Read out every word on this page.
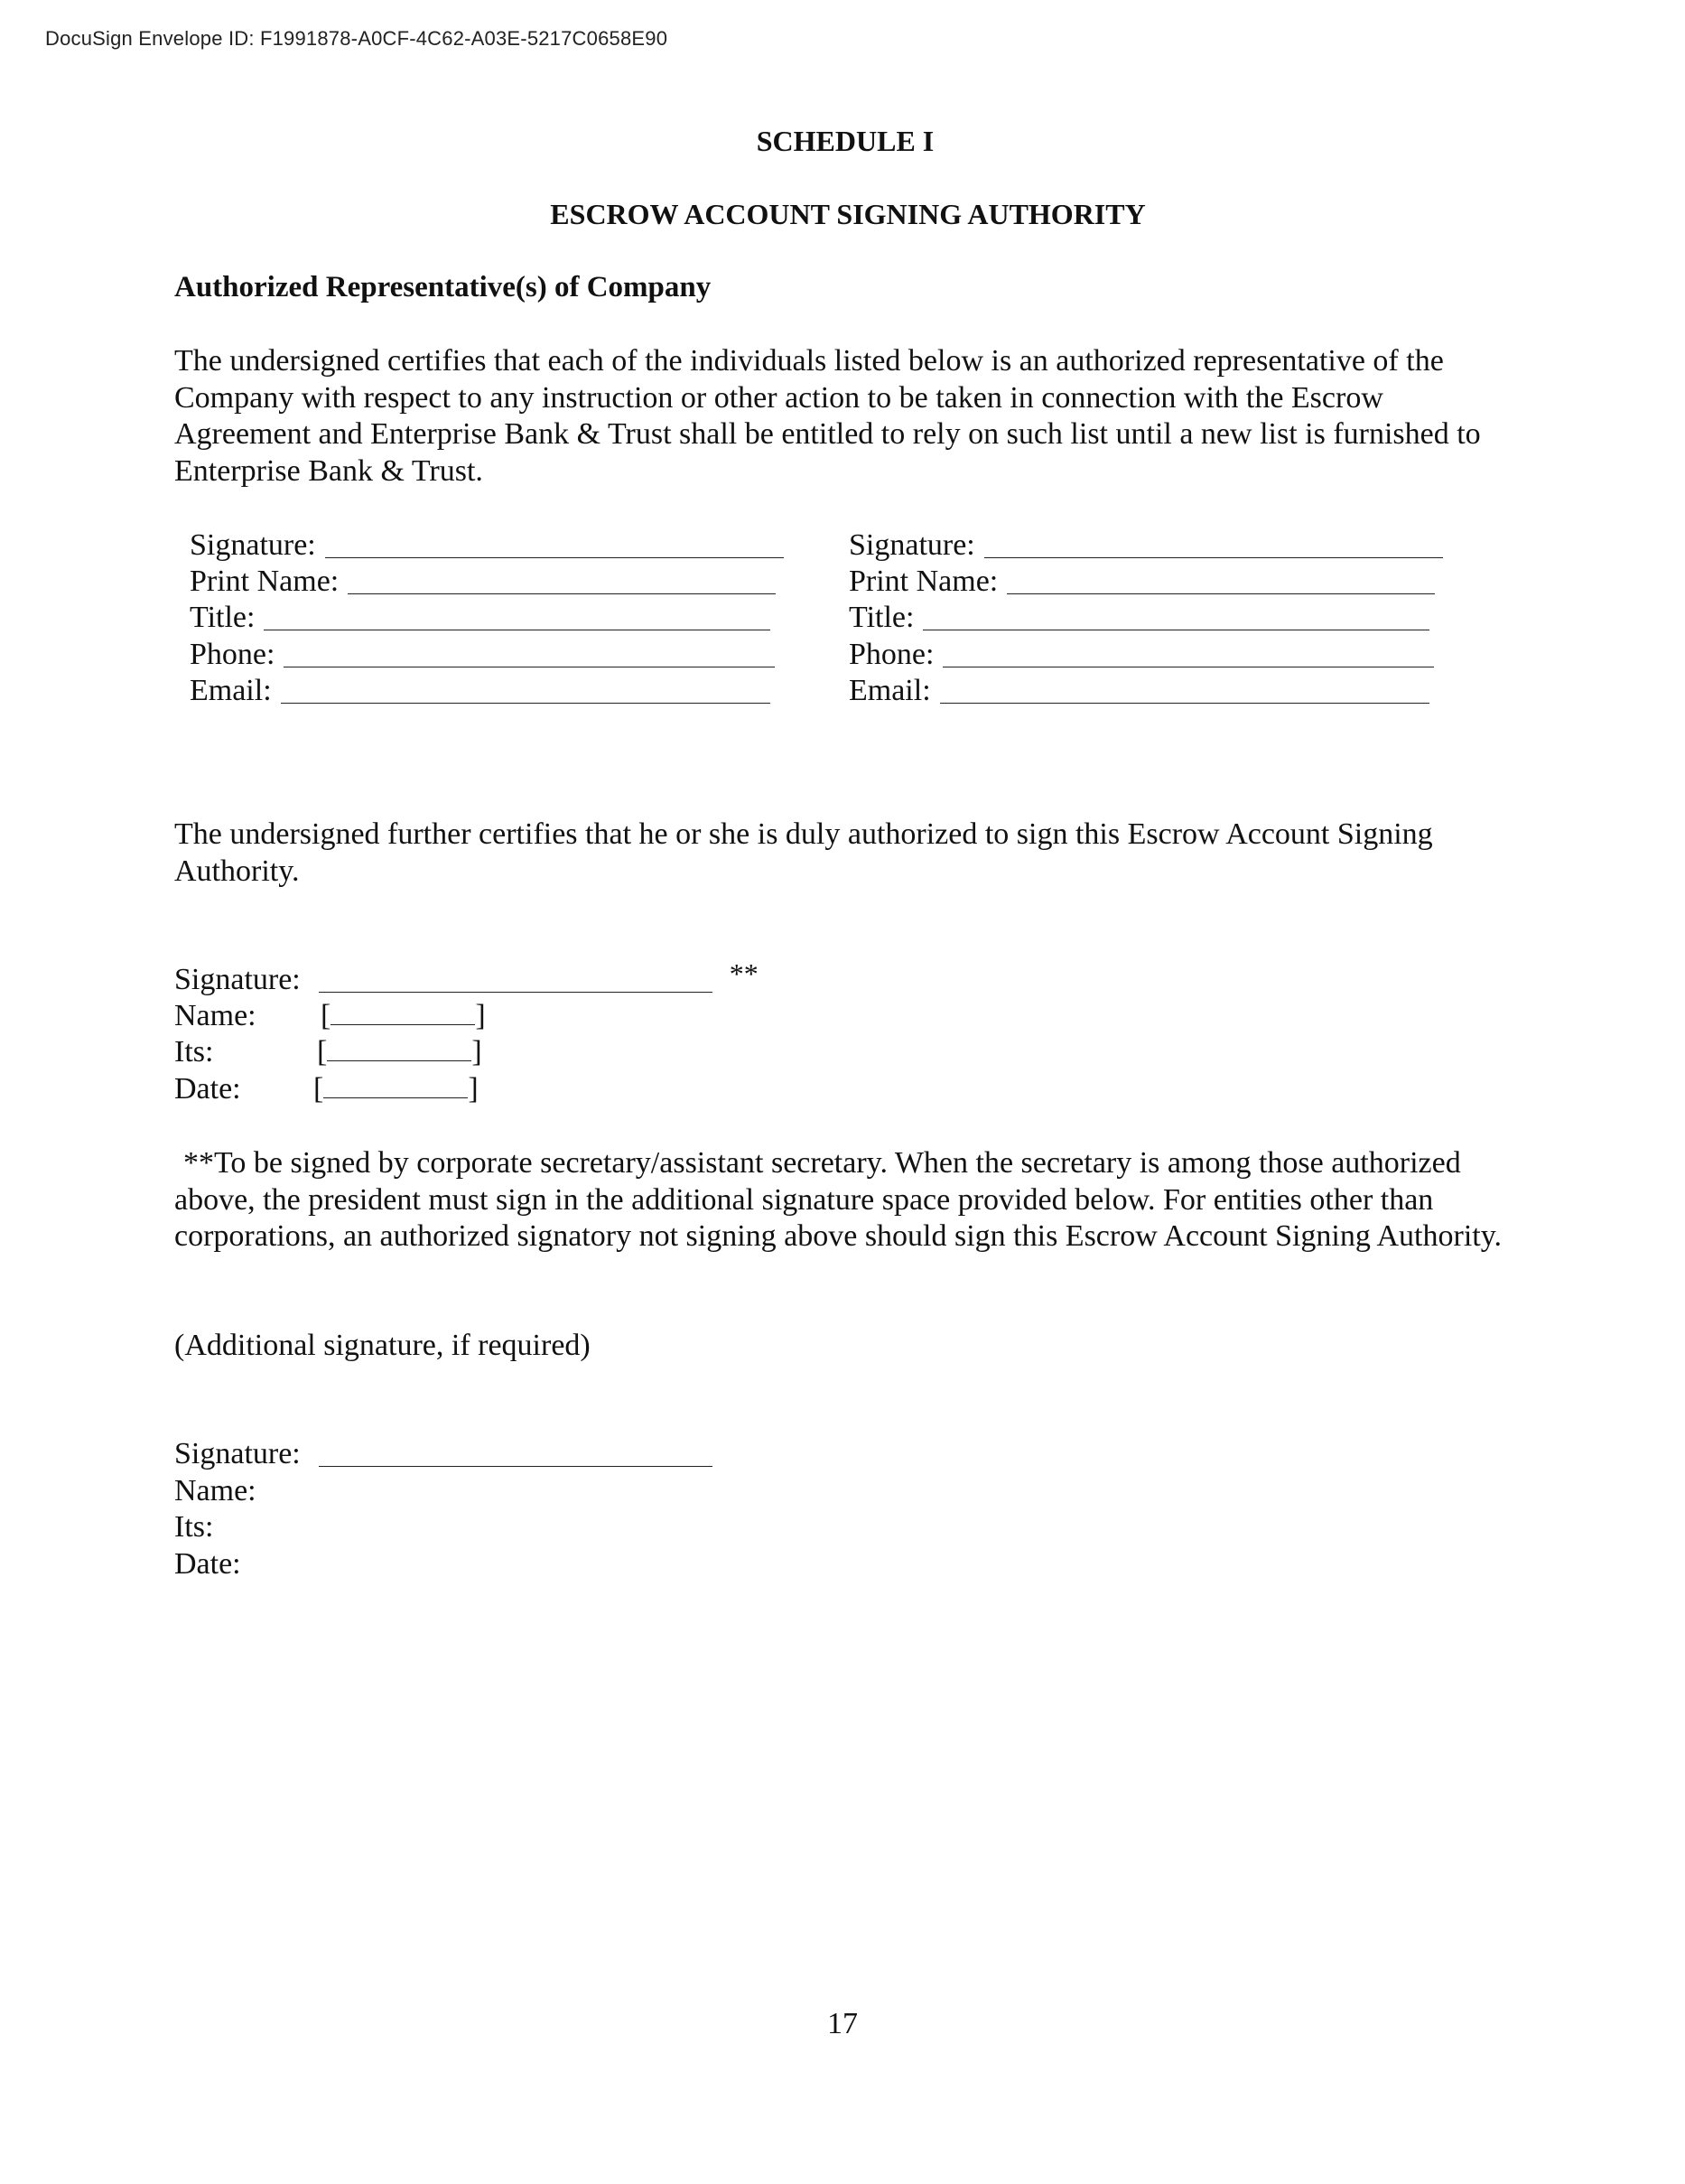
DocuSign Envelope ID: F1991878-A0CF-4C62-A03E-5217C0658E90
SCHEDULE I
ESCROW ACCOUNT SIGNING AUTHORITY
Authorized Representative(s) of Company
The undersigned certifies that each of the individuals listed below is an authorized representative of the Company with respect to any instruction or other action to be taken in connection with the Escrow Agreement and Enterprise Bank & Trust shall be entitled to rely on such list until a new list is furnished to Enterprise Bank & Trust.
Signature:
Print Name:
Title:
Phone:
Email:
Signature:
Print Name:
Title:
Phone:
Email:
The undersigned further certifies that he or she is duly authorized to sign this Escrow Account Signing Authority.
Signature:	**
Name: [	]
Its:	[	]
Date: [	]
**To be signed by corporate secretary/assistant secretary. When the secretary is among those authorized above, the president must sign in the additional signature space provided below. For entities other than corporations, an authorized signatory not signing above should sign this Escrow Account Signing Authority.
(Additional signature, if required)
Signature:
Name:
Its:
Date:
17
